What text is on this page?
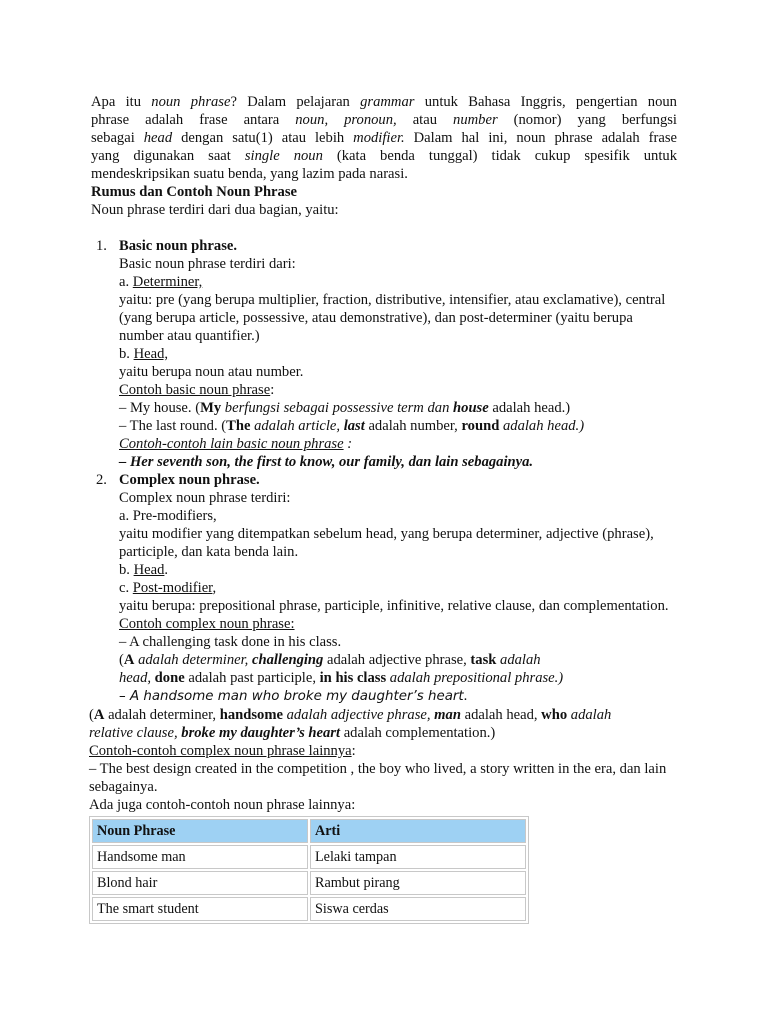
Apa itu noun phrase? Dalam pelajaran grammar untuk Bahasa Inggris, pengertian noun

phrase adalah frase antara noun, pronoun, atau number (nomor) yang berfungsi

sebagai head dengan satu(1) atau lebih modifier. Dalam hal ini, noun phrase adalah frase

yang digunakan saat single noun (kata benda tunggal) tidak cukup spesifik untuk

mendeskripsikan suatu benda, yang lazim pada narasi.

Rumus dan Contoh Noun Phrase

Noun phrase terdiri dari dua bagian, yaitu:

1. Basic noun phrase.

Basic noun phrase terdiri dari:

a. Determiner,

yaitu: pre (yang berupa multiplier, fraction, distributive, intensifier, atau exclamative), central (yang berupa article, possessive, atau demonstrative), dan post-determiner (yaitu berupa number atau quantifier.)

b. Head,

yaitu berupa noun atau number.

Contoh basic noun phrase:

– My house. (My berfungsi sebagai possessive term dan house adalah head.)

– The last round. (The adalah article, last adalah number, round adalah head.)

Contoh-contoh lain basic noun phrase :

– Her seventh son, the first to know, our family, dan lain sebagainya.

2. Complex noun phrase.

Complex noun phrase terdiri:

a. Pre-modifiers,

yaitu modifier yang ditempatkan sebelum head, yang berupa determiner, adjective (phrase), participle, dan kata benda lain.

b. Head.

c. Post-modifier,

yaitu berupa: prepositional phrase, participle, infinitive, relative clause, dan complementation.

Contoh complex noun phrase:

– A challenging task done in his class.

(A adalah determiner, challenging adalah adjective phrase, task adalah

head, done adalah past participle, in his class adalah prepositional phrase.)

– A handsome man who broke my daughter’s heart.

(A adalah determiner, handsome adalah adjective phrase, man adalah head, who adalah

relative clause, broke my daughter’s heart adalah complementation.)

Contoh-contoh complex noun phrase lainnya:

– The best design created in the competition , the boy who lived, a story written in the era, dan lain sebagainya.

Ada juga contoh-contoh noun phrase lainnya:

Noun Phrase	Arti
Handsome man	Lelaki tampan
Blond hair	Rambut pirang
The smart student	Siswa cerdas
